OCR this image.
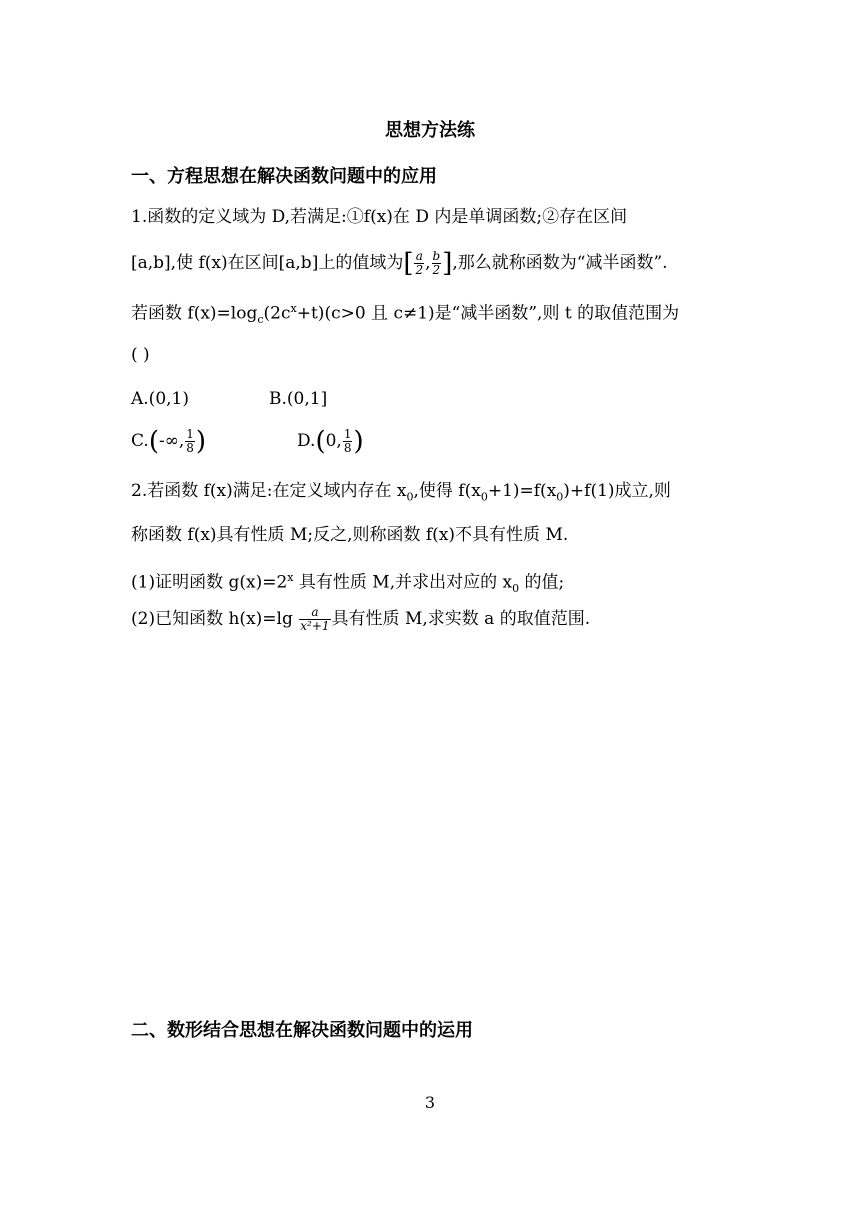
思想方法练
一、方程思想在解决函数问题中的应用
1.函数的定义域为 D,若满足:①f(x)在 D 内是单调函数;②存在区间
[a,b],使 f(x)在区间[a,b]上的值域为[ $\frac{a}{2}$ , $\frac{b}{2}$ ],那么就称函数为“减半函数”.
若函数 $f(x)=\log_c(2c^x+t)(c>0$ 且 c≠1)是“减半函数”,则 t 的取值范围为
( )
A.(0,1)	B.(0,1]
C.(-∞, $\frac{1}{8}$ )	D.(0, $\frac{1}{8}$ )
2.若函数 f(x)满足:在定义域内存在 $x_0$,使得 $f(x_0+1)=f(x_0)+f(1)$成立,则
称函数 f(x)具有性质 M;反之,则称函数 f(x)不具有性质 M.
(1)证明函数 $g(x)=2^x$ 具有性质 M,并求出对应的 $x_0$ 的值;
(2)已知函数 $h(x)=\lg \frac{a}{\text{x²+1}}$ 具有性质 M,求实数 a 的取值范围.
二、数形结合思想在解决函数问题中的运用
3
